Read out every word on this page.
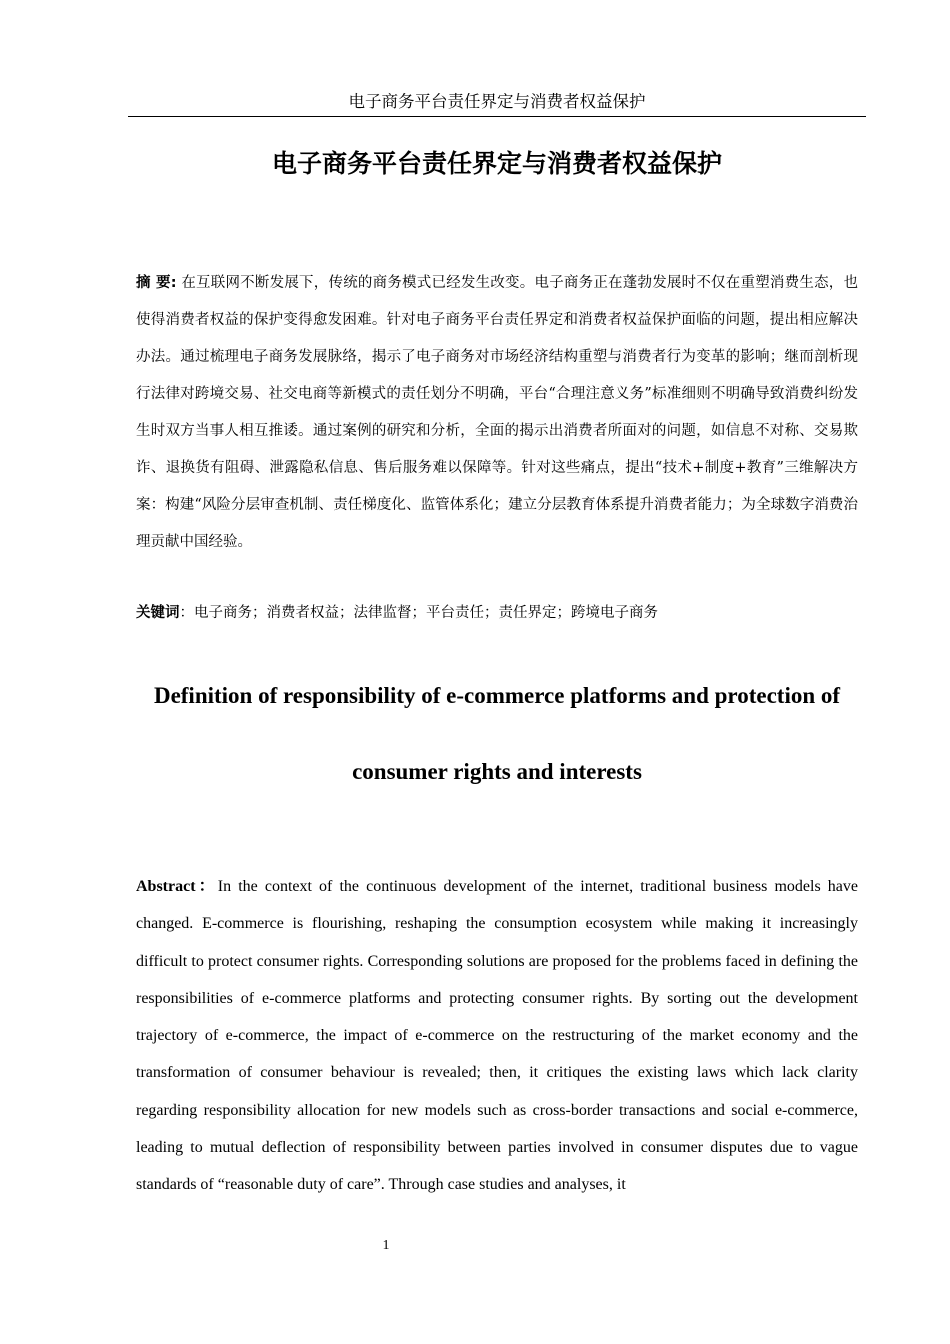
电子商务平台责任界定与消费者权益保护
电子商务平台责任界定与消费者权益保护

摘 要: 在互联网不断发展下，传统的商务模式已经发生改变。电子商务正在蓬勃发展时不仅在重塑消费生态，也使得消费者权益的保护变得愈发困难。针对电子商务平台责任界定和消费者权益保护面临的问题，提出相应解决办法。通过梳理电子商务发展脉络，揭示了电子商务对市场经济结构重塑与消费者行为变革的影响；继而剖析现行法律对跨境交易、社交电商等新模式的责任划分不明确，平台“合理注意义务”标准细则不明确导致消费纠纷发生时双方当事人相互推诿。通过案例的研究和分析，全面的揭示出消费者所面对的问题，如信息不对称、交易欺诈、退换货有阻碍、泄露隐私信息、售后服务难以保障等。针对这些痛点，提出“技术+制度+教育”三维解决方案：构建“风险分层审查机制、责任梯度化、监管体系化；建立分层教育体系提升消费者能力；为全球数字消费治理贡献中国经验。

关键词：电子商务；消费者权益；法律监督；平台责任；责任界定；跨境电子商务

Definition of responsibility of e-commerce platforms and protection of consumer rights and interests

Abstract：In the context of the continuous development of the internet, traditional business models have changed. E-commerce is flourishing, reshaping the consumption ecosystem while making it increasingly difficult to protect consumer rights. Corresponding solutions are proposed for the problems faced in defining the responsibilities of e-commerce platforms and protecting consumer rights. By sorting out the development trajectory of e-commerce, the impact of e-commerce on the restructuring of the market economy and the transformation of consumer behaviour is revealed; then, it critiques the existing laws which lack clarity regarding responsibility allocation for new models such as cross-border transactions and social e-commerce, leading to mutual deflection of responsibility between parties involved in consumer disputes due to vague standards of “reasonable duty of care”. Through case studies and analyses, it

1
